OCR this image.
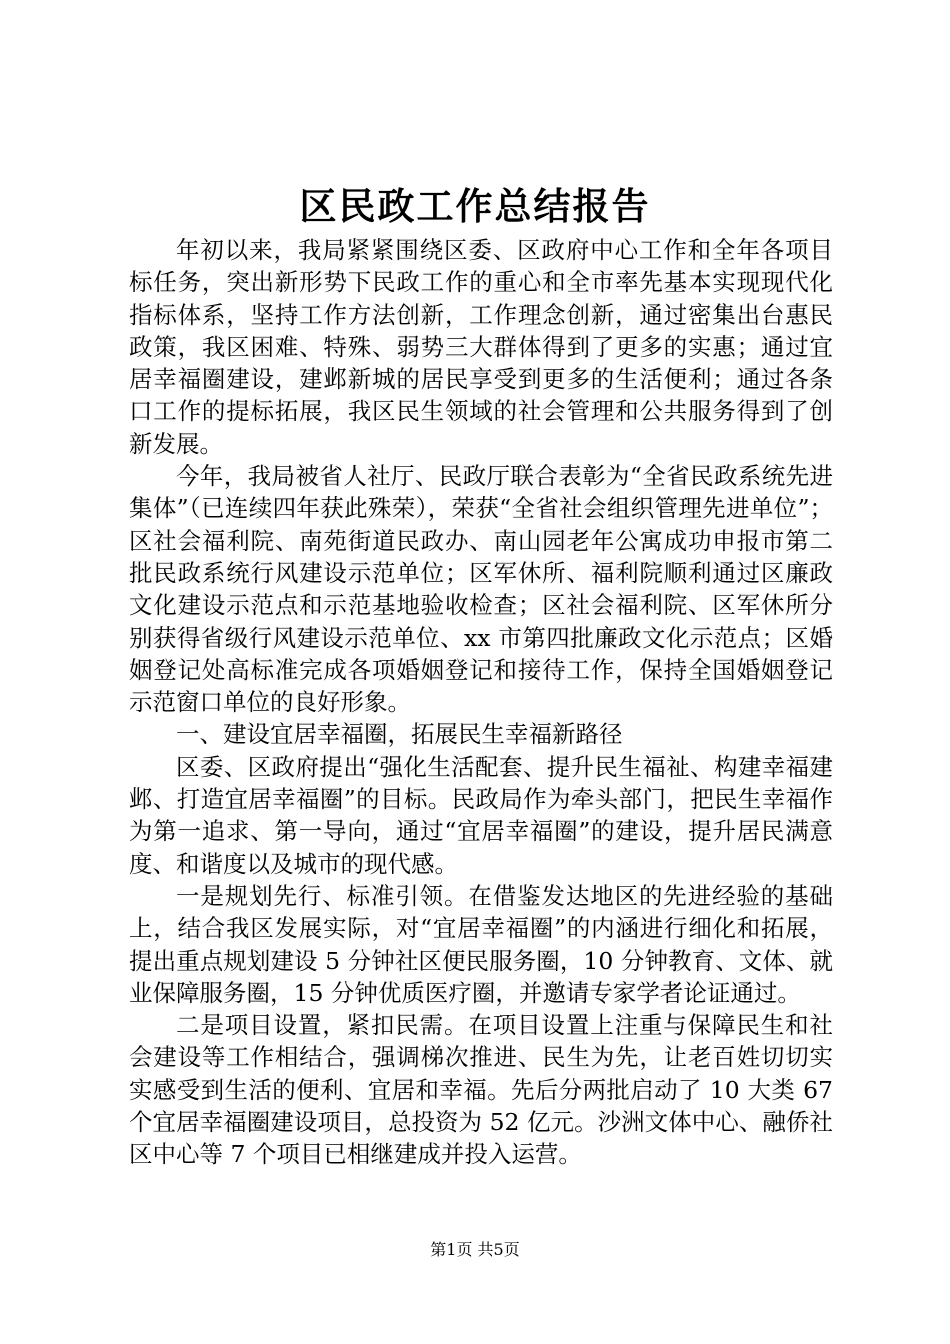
区民政工作总结报告

年初以来，我局紧紧围绕区委、区政府中心工作和全年各项目标任务，突出新形势下民政工作的重心和全市率先基本实现现代化指标体系，坚持工作方法创新，工作理念创新，通过密集出台惠民政策，我区困难、特殊、弱势三大群体得到了更多的实惠；通过宜居幸福圈建设，建邺新城的居民享受到更多的生活便利；通过各条口工作的提标拓展，我区民生领域的社会管理和公共服务得到了创新发展。

今年，我局被省人社厅、民政厅联合表彰为“全省民政系统先进集体”（已连续四年获此殊荣），荣获“全省社会组织管理先进单位”；区社会福利院、南苑街道民政办、南山园老年公寓成功申报市第二批民政系统行风建设示范单位；区军休所、福利院顺利通过区廉政文化建设示范点和示范基地验收检查；区社会福利院、区军休所分别获得省级行风建设示范单位、xx 市第四批廉政文化示范点；区婚姻登记处高标准完成各项婚姻登记和接待工作，保持全国婚姻登记示范窗口单位的良好形象。

一、建设宜居幸福圈，拓展民生幸福新路径

区委、区政府提出“强化生活配套、提升民生福祉、构建幸福建邺、打造宜居幸福圈”的目标。民政局作为牵头部门，把民生幸福作为第一追求、第一导向，通过“宜居幸福圈”的建设，提升居民满意度、和谐度以及城市的现代感。

一是规划先行、标准引领。在借鉴发达地区的先进经验的基础上，结合我区发展实际，对“宜居幸福圈”的内涵进行细化和拓展，提出重点规划建设 5 分钟社区便民服务圈，10 分钟教育、文体、就业保障服务圈，15 分钟优质医疗圈，并邀请专家学者论证通过。

二是项目设置，紧扣民需。在项目设置上注重与保障民生和社会建设等工作相结合，强调梯次推进、民生为先，让老百姓切切实实感受到生活的便利、宜居和幸福。先后分两批启动了 10 大类 67 个宜居幸福圈建设项目，总投资为 52 亿元。沙洲文体中心、融侨社区中心等 7 个项目已相继建成并投入运营。

第1页 共5页
